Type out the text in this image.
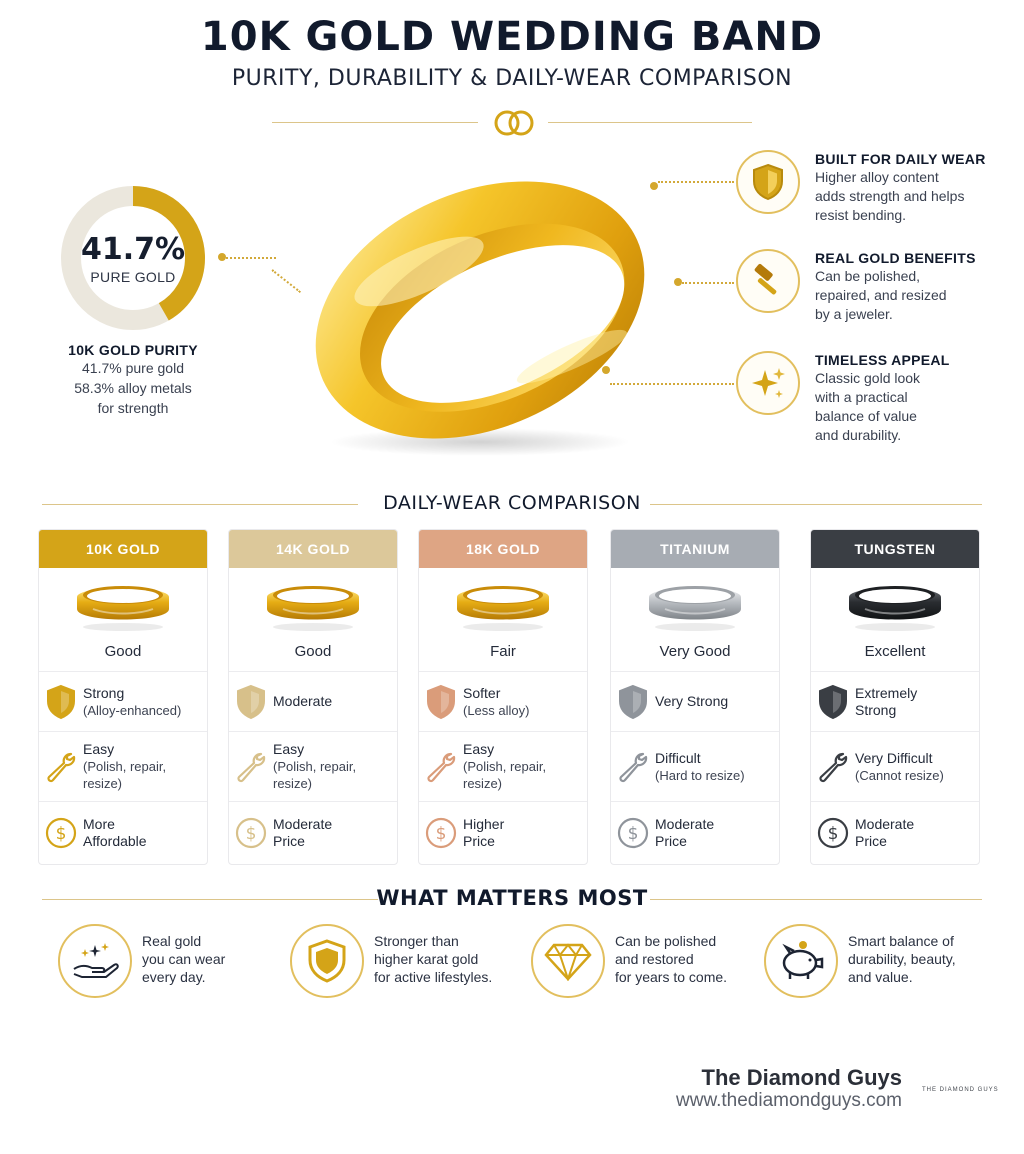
10K GOLD WEDDING BAND
PURITY, DURABILITY & DAILY-WEAR COMPARISON
41.7%
PURE GOLD
10K GOLD PURITY
41.7% pure gold
58.3% alloy metals
for strength
BUILT FOR DAILY WEAR
Higher alloy content
adds strength and helps
resist bending.
REAL GOLD BENEFITS
Can be polished,
repaired, and resized
by a jeweler.
TIMELESS APPEAL
Classic gold look
with a practical
balance of value
and durability.
DAILY-WEAR COMPARISON
10K GOLD
Good
Strong
(Alloy-enhanced)
Easy
(Polish, repair,
resize)
$ More
Affordable
14K GOLD
Good
Moderate
Easy
(Polish, repair,
resize)
$ Moderate
Price
18K GOLD
Fair
Softer
(Less alloy)
Easy
(Polish, repair,
resize)
$ Higher
Price
TITANIUM
Very Good
Very Strong
Difficult
(Hard to resize)
$ Moderate
Price
TUNGSTEN
Excellent
Extremely
Strong
Very Difficult
(Cannot resize)
$ Moderate
Price
WHAT MATTERS MOST
Real gold
you can wear
every day.
Stronger than
higher karat gold
for active lifestyles.
Can be polished
and restored
for years to come.
Smart balance of
durability, beauty,
and value.
The Diamond Guys
www.thediamondguys.com	THE DIAMOND GUYS
